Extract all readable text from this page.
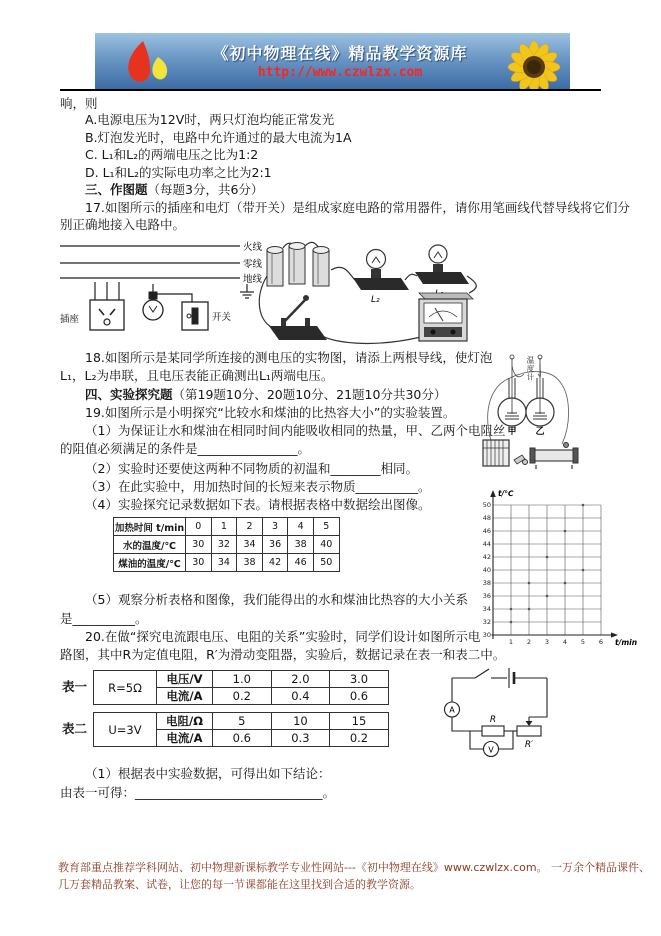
《初中物理在线》精品教学资源库
http://www.czwlzx.com
响，则
A.电源电压为12V时，两只灯泡均能正常发光
B.灯泡发光时，电路中允许通过的最大电流为1A
C. L₁和L₂的两端电压之比为1:2
D. L₁和L₂的实际电功率之比为2:1
三、作图题（每题3分，共6分）
17.如图所示的插座和电灯（带开关）是组成家庭电路的常用器件，请你用笔画线代替导线将它们分
别正确地接入电路中。
火线
零线
地线
插座	开关
L₂
18.如图所示是某同学所连接的测电压的实物图，请添上两根导线，使灯泡
L₁，L₂为串联，且电压表能正确测出L₁两端电压。
四、实验探究题（第19题10分、20题10分、21题10分共30分）
19.如图所示是小明探究“比较水和煤油的比热容大小”的实验装置。
（1）为保证让水和煤油在相同时间内能吸收相同的热量，甲、乙两个电阻丝
的阻值必须满足的条件是________________。
（2）实验时还要使这两种不同物质的初温和________相同。
（3）在此实验中，用加热时间的长短来表示物质__________。
（4）实验探究记录数据如下表。请根据表格中数据绘出图像。
甲 乙
温度计
加热时间 t/min	0	1	2	3	4	5
水的温度/℃	30	32	34	36	38	40
煤油的温度/℃	30	34	38	42	46	50
t/℃
30
32
34
36
38
40
42
44
46
48
50
1 2 3 4 5 6 t/min
（5）观察分析表格和图像，我们能得出的水和煤油比热容的大小关系
是__________。
20.在做“探究电流跟电压、电阻的关系”实验时，同学们设计如图所示电
路图，其中R为定值电阻，R′为滑动变阻器，实验后，数据记录在表一和表二中。
表一 R=5Ω	电压/V	1.0	2.0	3.0
	电流/A	0.2	0.4	0.6
表二 U=3V	电阻/Ω	5	10	15
	电流/A	0.6	0.3	0.2
A
V
R
R′
（1）根据表中实验数据，可得出如下结论：
由表一可得：______________________________。
教育部重点推荐学科网站、初中物理新课标教学专业性网站---《初中物理在线》www.czwlzx.com。 一万余个精品课件、
几万套精品教案、试卷，让您的每一节课都能在这里找到合适的教学资源。
